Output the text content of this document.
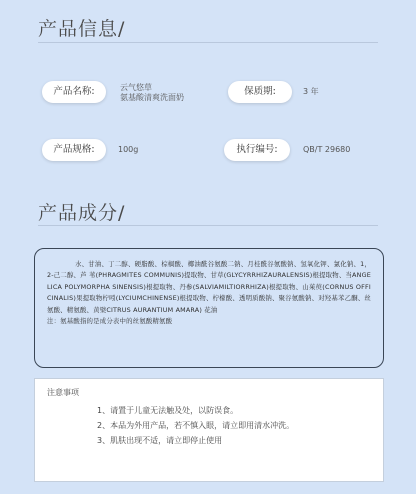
产品信息/
产品名称:	云气悠草
氨基酸清爽洗面奶
保质期:	3 年
产品规格:	100g	执行编号:	QB/T 29680
产品成分/
水、甘油、丁二醇、硬脂酸、棕榈酸、椰油酰谷氨酸二钠、月桂酰谷氨酸钠、氢氧化钾、氯化钠、1，2-己二醇、芦 苇(PHRAGMITES COMMUNIS)提取物、甘草(GLYCYRRHIZAURALENSIS)根提取物、当ANGELICA POLYMORPHA SINENSIS)根提取物、丹参(SALVIAMILTIORRHIZA)根提取物、山茱萸(CORNUS OFFICINALIS)果提取物柠吲(LYCIUMCHINENSE)根提取物、柠檬酸、透明质酸钠、聚谷氨酸钠、对羟基苯乙酮、丝氨酸、精氨酸、黄檗CITRUS AURANTIUM AMARA) 花油
注：氨基酸指的是成分表中的丝氨酸精氨酸
注意事项
1、请置于儿童无法触及处，以防误食。
2、本品为外用产品，若不慎入眼，请立即用清水冲洗。
3、肌肤出现不适，请立即停止使用
